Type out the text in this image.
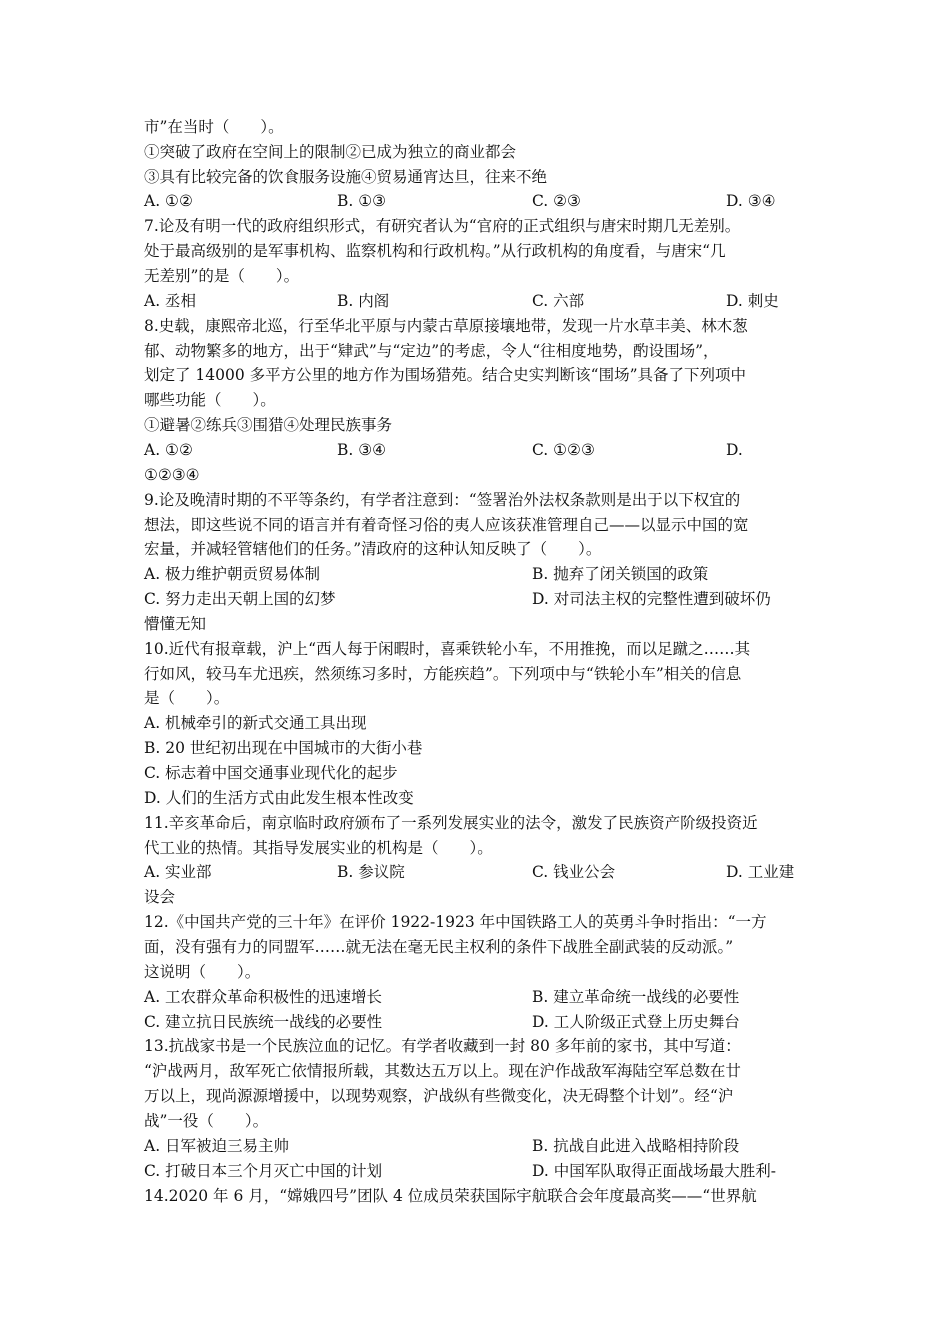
市”在当时（　　）。
①突破了政府在空间上的限制②已成为独立的商业都会
③具有比较完备的饮食服务设施④贸易通宵达旦，往来不绝
A. ①②	B. ①③	C. ②③	D. ③④
7.论及有明一代的政府组织形式，有研究者认为“官府的正式组织与唐宋时期几无差别。
处于最高级别的是军事机构、监察机构和行政机构。”从行政机构的角度看，与唐宋“几
无差别”的是（　　）。
A. 丞相	B. 内阁	C. 六部	D. 刺史
8.史载，康熙帝北巡，行至华北平原与内蒙古草原接壤地带，发现一片水草丰美、林木葱
郁、动物繁多的地方，出于“肄武”与“定边”的考虑，令人“往相度地势，酌设围场”，
划定了 14000 多平方公里的地方作为围场猎苑。结合史实判断该“围场”具备了下列项中
哪些功能（　　）。
①避暑②练兵③围猎④处理民族事务
A. ①②	B. ③④	C. ①②③	D.
①②③④
9.论及晚清时期的不平等条约，有学者注意到：“签署治外法权条款则是出于以下权宜的
想法，即这些说不同的语言并有着奇怪习俗的夷人应该获准管理自己——以显示中国的宽
宏量，并减轻管辖他们的任务。”清政府的这种认知反映了（　　）。
A. 极力维护朝贡贸易体制	B. 抛弃了闭关锁国的政策
C. 努力走出天朝上国的幻梦	D. 对司法主权的完整性遭到破坏仍
懵懂无知
10.近代有报章载，沪上“西人每于闲暇时，喜乘铁轮小车，不用推挽，而以足蹴之……其
行如风，较马车尤迅疾，然须练习多时，方能疾趋”。下列项中与“铁轮小车”相关的信息
是（　　）。
A. 机械牵引的新式交通工具出现
B. 20 世纪初出现在中国城市的大街小巷
C. 标志着中国交通事业现代化的起步
D. 人们的生活方式由此发生根本性改变
11.辛亥革命后，南京临时政府颁布了一系列发展实业的法令，激发了民族资产阶级投资近
代工业的热情。其指导发展实业的机构是（　　）。
A. 实业部	B. 参议院	C. 钱业公会	D. 工业建
设会
12.《中国共产党的三十年》在评价 1922-1923 年中国铁路工人的英勇斗争时指出：“一方
面，没有强有力的同盟军……就无法在毫无民主权利的条件下战胜全副武装的反动派。”
这说明（　　）。
A. 工农群众革命积极性的迅速增长	B. 建立革命统一战线的必要性
C. 建立抗日民族统一战线的必要性	D. 工人阶级正式登上历史舞台
13.抗战家书是一个民族泣血的记忆。有学者收藏到一封 80 多年前的家书，其中写道：
“沪战两月，敌军死亡依情报所载，其数达五万以上。现在沪作战敌军海陆空军总数在廿
万以上，现尚源源增援中，以现势观察，沪战纵有些微变化，决无碍整个计划”。经“沪
战”一役（　　）。
A. 日军被迫三易主帅	B. 抗战自此进入战略相持阶段
C. 打破日本三个月灭亡中国的计划	D. 中国军队取得正面战场最大胜利-
14.2020 年 6 月，“嫦娥四号”团队 4 位成员荣获国际宇航联合会年度最高奖——“世界航
